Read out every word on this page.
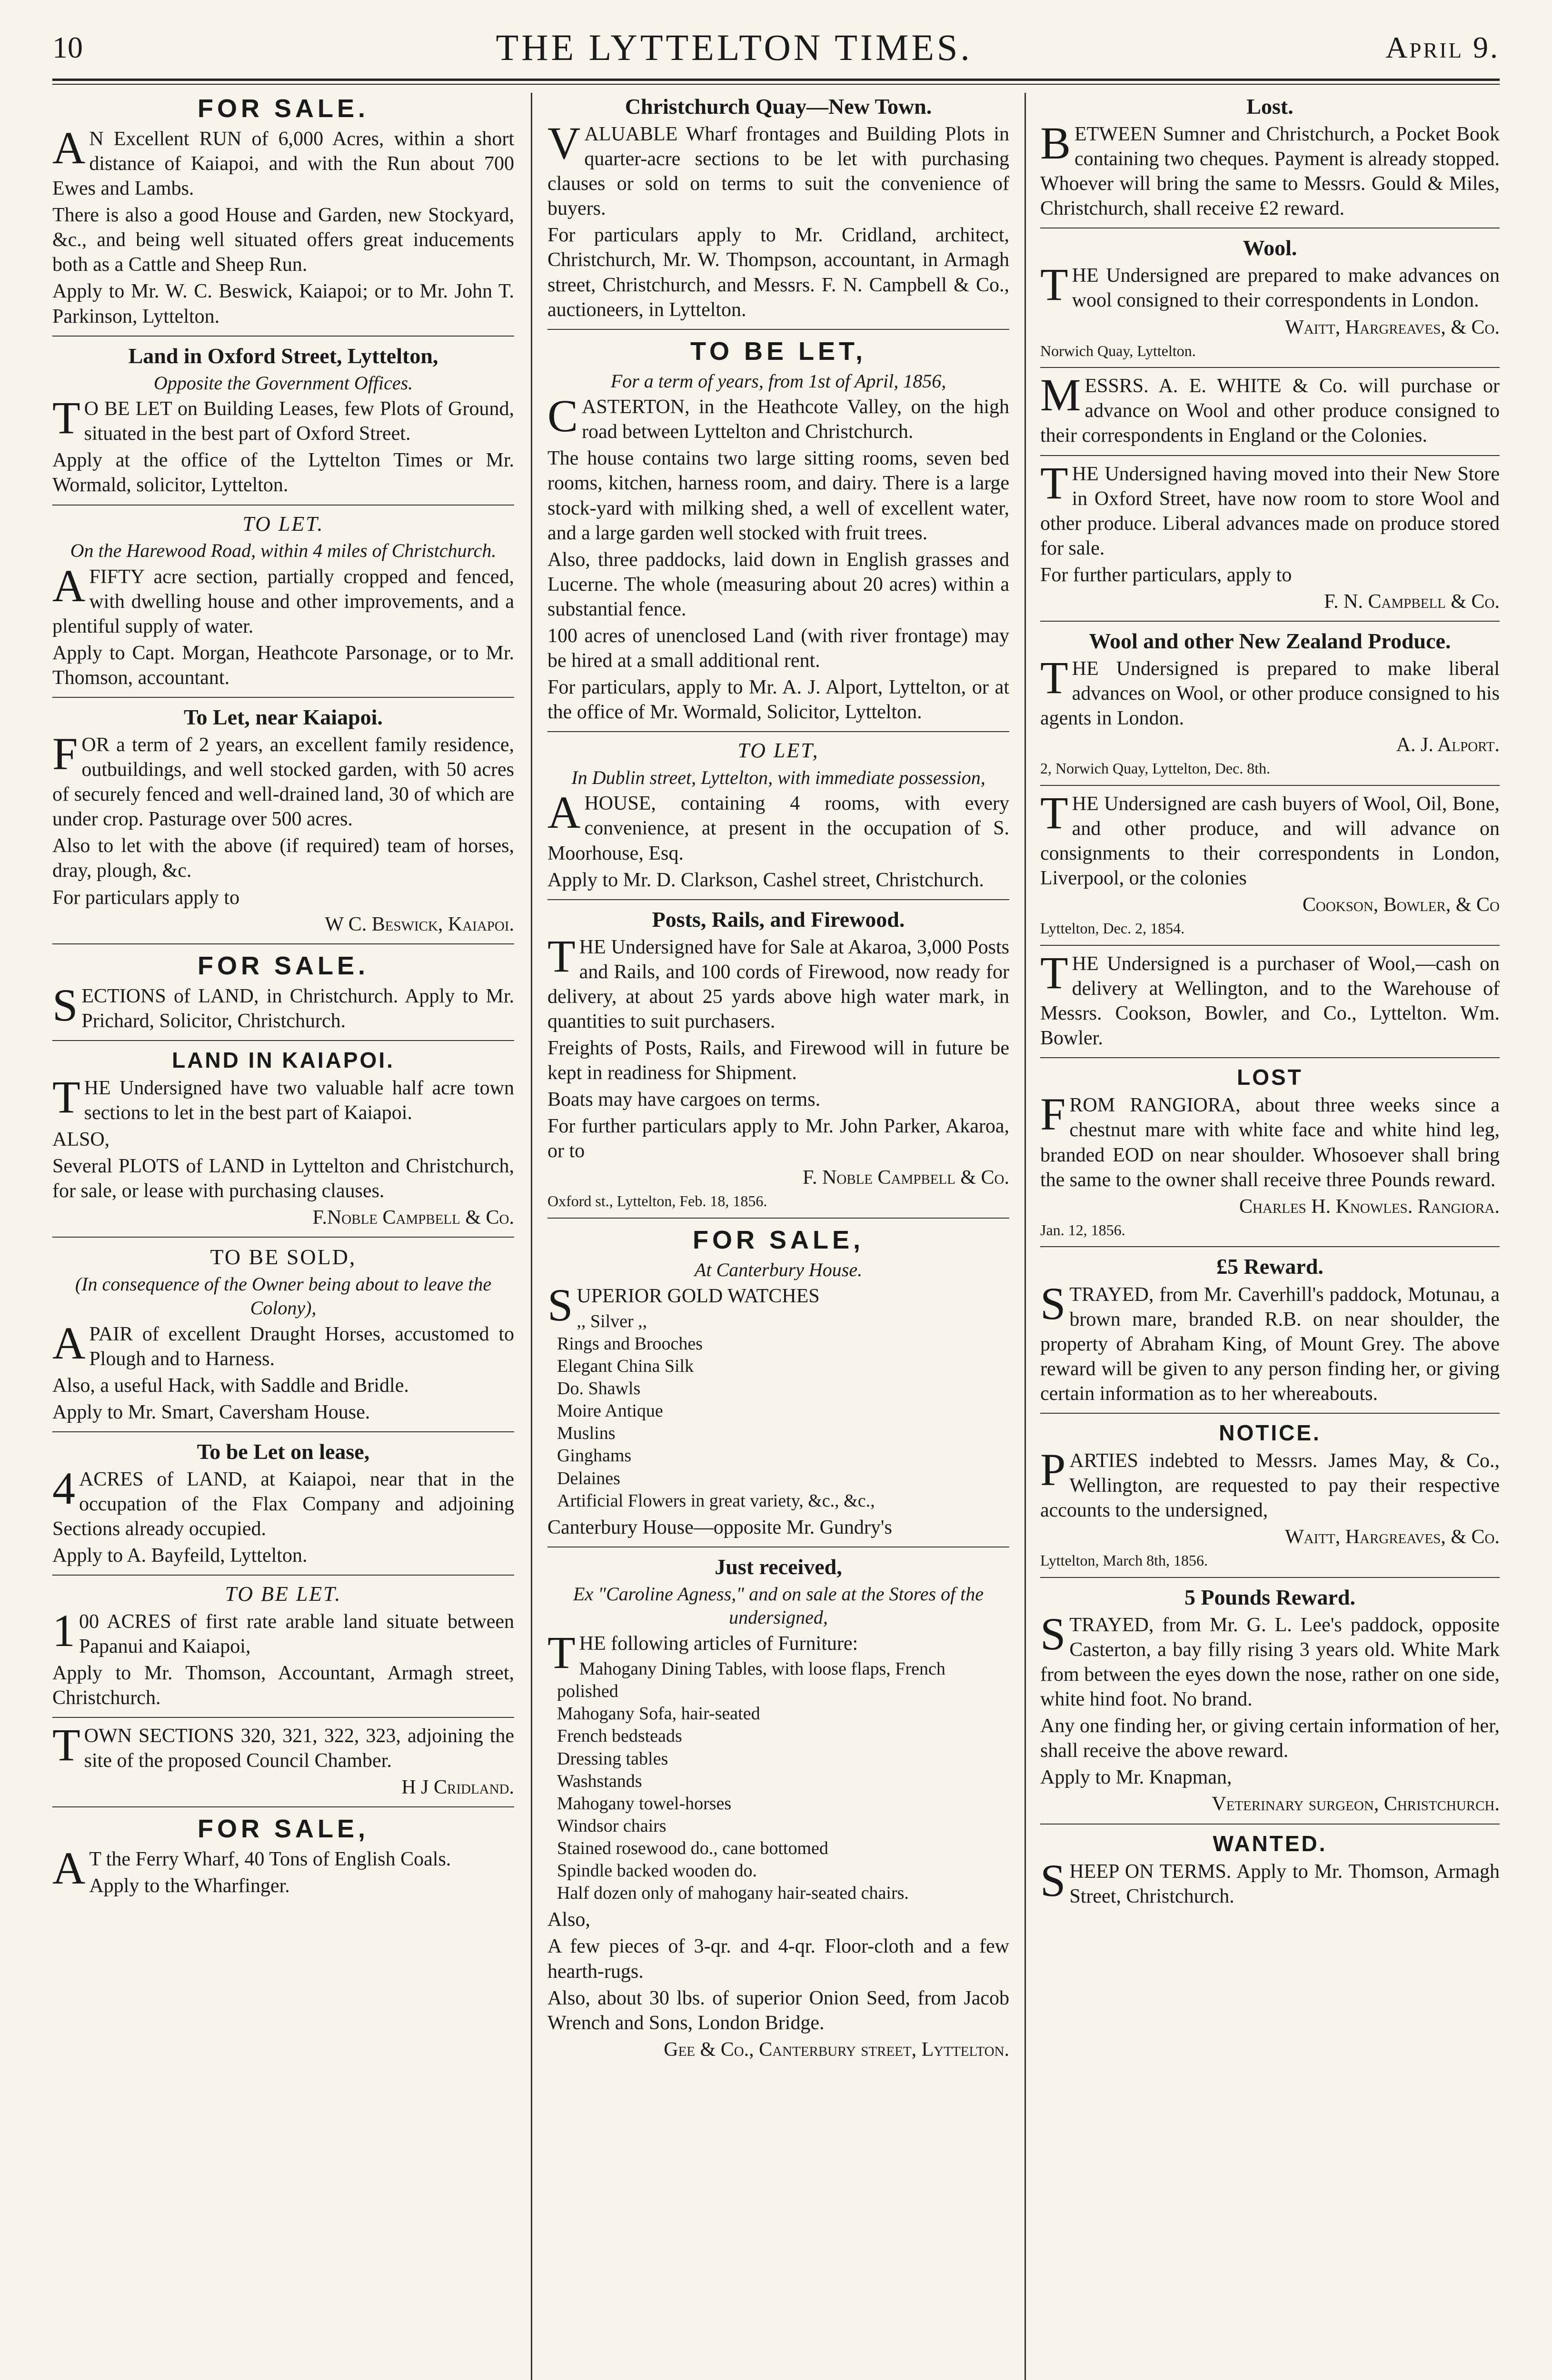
10	THE LYTTELTON TIMES.	April 9.
FOR SALE.

AN Excellent RUN of 6,000 Acres, within a short distance of Kaiapoi, and with the Run about 700 Ewes and Lambs.

There is also a good House and Garden, new Stockyard, &c., and being well situated offers great inducements both as a Cattle and Sheep Run.

Apply to Mr. W. C. Beswick, Kaiapoi; or to Mr. John T. Parkinson, Lyttelton.

Land in Oxford Street, Lyttelton,
Opposite the Government Offices.

TO BE LET on Building Leases, few Plots of Ground, situated in the best part of Oxford Street.

Apply at the office of the Lyttelton Times or Mr. Wormald, solicitor, Lyttelton.

TO LET.
On the Harewood Road, within 4 miles of Christchurch.

AFIFTY acre section, partially cropped and fenced, with dwelling house and other improvements, and a plentiful supply of water.

Apply to Capt. Morgan, Heathcote Parsonage, or to Mr. Thomson, accountant.

To Let, near Kaiapoi.

FOR a term of 2 years, an excellent family residence, outbuildings, and well stocked garden, with 50 acres of securely fenced and well-drained land, 30 of which are under crop. Pasturage over 500 acres.

Also to let with the above (if required) team of horses, dray, plough, &c.

For particulars apply to

W C. Beswick, Kaiapoi.
FOR SALE.

SECTIONS of LAND, in Christchurch. Apply to Mr. Prichard, Solicitor, Christchurch.

LAND IN KAIAPOI.

THE Undersigned have two valuable half acre town sections to let in the best part of Kaiapoi.

ALSO,

Several PLOTS of LAND in Lyttelton and Christchurch, for sale, or lease with purchasing clauses.

F.Noble Campbell & Co.
TO BE SOLD,
(In consequence of the Owner being about to leave the Colony),

APAIR of excellent Draught Horses, accustomed to Plough and to Harness.

Also, a useful Hack, with Saddle and Bridle.

Apply to Mr. Smart, Caversham House.

To be Let on lease,

4ACRES of LAND, at Kaiapoi, near that in the occupation of the Flax Company and adjoining Sections already occupied.

Apply to A. Bayfeild, Lyttelton.

TO BE LET.

100 ACRES of first rate arable land situate between Papanui and Kaiapoi,

Apply to Mr. Thomson, Accountant, Armagh street, Christchurch.

TOWN SECTIONS 320, 321, 322, 323, adjoining the site of the proposed Council Chamber.

H J Cridland.
FOR SALE,

AT the Ferry Wharf, 40 Tons of English Coals.

Apply to the Wharfinger.

Christchurch Quay—New Town.

VALUABLE Wharf frontages and Building Plots in quarter-acre sections to be let with purchasing clauses or sold on terms to suit the convenience of buyers.

For particulars apply to Mr. Cridland, architect, Christchurch, Mr. W. Thompson, accountant, in Armagh street, Christchurch, and Messrs. F. N. Campbell & Co., auctioneers, in Lyttelton.

TO BE LET,
For a term of years, from 1st of April, 1856,

CASTERTON, in the Heathcote Valley, on the high road between Lyttelton and Christchurch.

The house contains two large sitting rooms, seven bed rooms, kitchen, harness room, and dairy. There is a large stock-yard with milking shed, a well of excellent water, and a large garden well stocked with fruit trees.

Also, three paddocks, laid down in English grasses and Lucerne. The whole (measuring about 20 acres) within a substantial fence.

100 acres of unenclosed Land (with river frontage) may be hired at a small additional rent.

For particulars, apply to Mr. A. J. Alport, Lyttelton, or at the office of Mr. Wormald, Solicitor, Lyttelton.

TO LET,
In Dublin street, Lyttelton, with immediate possession,

AHOUSE, containing 4 rooms, with every convenience, at present in the occupation of S. Moorhouse, Esq.

Apply to Mr. D. Clarkson, Cashel street, Christchurch.

Posts, Rails, and Firewood.

THE Undersigned have for Sale at Akaroa, 3,000 Posts and Rails, and 100 cords of Firewood, now ready for delivery, at about 25 yards above high water mark, in quantities to suit purchasers.

Freights of Posts, Rails, and Firewood will in future be kept in readiness for Shipment.

Boats may have cargoes on terms.

For further particulars apply to Mr. John Parker, Akaroa, or to

F. Noble Campbell & Co.
Oxford st., Lyttelton, Feb. 18, 1856.
FOR SALE,
At Canterbury House.

SUPERIOR GOLD WATCHES

,, Silver ,,
Rings and Brooches
Elegant China Silk
Do. Shawls
Moire Antique
Muslins
Ginghams
Delaines
Artificial Flowers in great variety, &c., &c.,

Canterbury House—opposite Mr. Gundry's

Just received,
Ex "Caroline Agness," and on sale at the Stores of the undersigned,

THE following articles of Furniture:

Mahogany Dining Tables, with loose flaps, French polished
Mahogany Sofa, hair-seated
French bedsteads
Dressing tables
Washstands
Mahogany towel-horses
Windsor chairs
Stained rosewood do., cane bottomed
Spindle backed wooden do.
Half dozen only of mahogany hair-seated chairs.

Also,

A few pieces of 3-qr. and 4-qr. Floor-cloth and a few hearth-rugs.

Also, about 30 lbs. of superior Onion Seed, from Jacob Wrench and Sons, London Bridge.

Gee & Co., Canterbury street, Lyttelton.
Lost.

BETWEEN Sumner and Christchurch, a Pocket Book containing two cheques. Payment is already stopped. Whoever will bring the same to Messrs. Gould & Miles, Christchurch, shall receive £2 reward.

Wool.

THE Undersigned are prepared to make advances on wool consigned to their correspondents in London.

Waitt, Hargreaves, & Co.
Norwich Quay, Lyttelton.

MESSRS. A. E. WHITE & Co. will purchase or advance on Wool and other produce consigned to their correspondents in England or the Colonies.

THE Undersigned having moved into their New Store in Oxford Street, have now room to store Wool and other produce. Liberal advances made on produce stored for sale.

For further particulars, apply to

F. N. Campbell & Co.
Wool and other New Zealand Produce.

THE Undersigned is prepared to make liberal advances on Wool, or other produce consigned to his agents in London.

A. J. Alport.
2, Norwich Quay, Lyttelton, Dec. 8th.

THE Undersigned are cash buyers of Wool, Oil, Bone, and other produce, and will advance on consignments to their correspondents in London, Liverpool, or the colonies

Cookson, Bowler, & Co
Lyttelton, Dec. 2, 1854.

THE Undersigned is a purchaser of Wool,—cash on delivery at Wellington, and to the Warehouse of Messrs. Cookson, Bowler, and Co., Lyttelton. Wm. Bowler.

LOST

FROM RANGIORA, about three weeks since a chestnut mare with white face and white hind leg, branded EOD on near shoulder. Whosoever shall bring the same to the owner shall receive three Pounds reward.

Charles H. Knowles. Rangiora.
Jan. 12, 1856.
£5 Reward.

STRAYED, from Mr. Caverhill's paddock, Motunau, a brown mare, branded R.B. on near shoulder, the property of Abraham King, of Mount Grey. The above reward will be given to any person finding her, or giving certain information as to her whereabouts.

NOTICE.

PARTIES indebted to Messrs. James May, & Co., Wellington, are requested to pay their respective accounts to the undersigned,

Waitt, Hargreaves, & Co.
Lyttelton, March 8th, 1856.
5 Pounds Reward.

STRAYED, from Mr. G. L. Lee's paddock, opposite Casterton, a bay filly rising 3 years old. White Mark from between the eyes down the nose, rather on one side, white hind foot. No brand.

Any one finding her, or giving certain information of her, shall receive the above reward.

Apply to Mr. Knapman,

Veterinary surgeon, Christchurch.
WANTED.

SHEEP ON TERMS. Apply to Mr. Thomson, Armagh Street, Christchurch.
